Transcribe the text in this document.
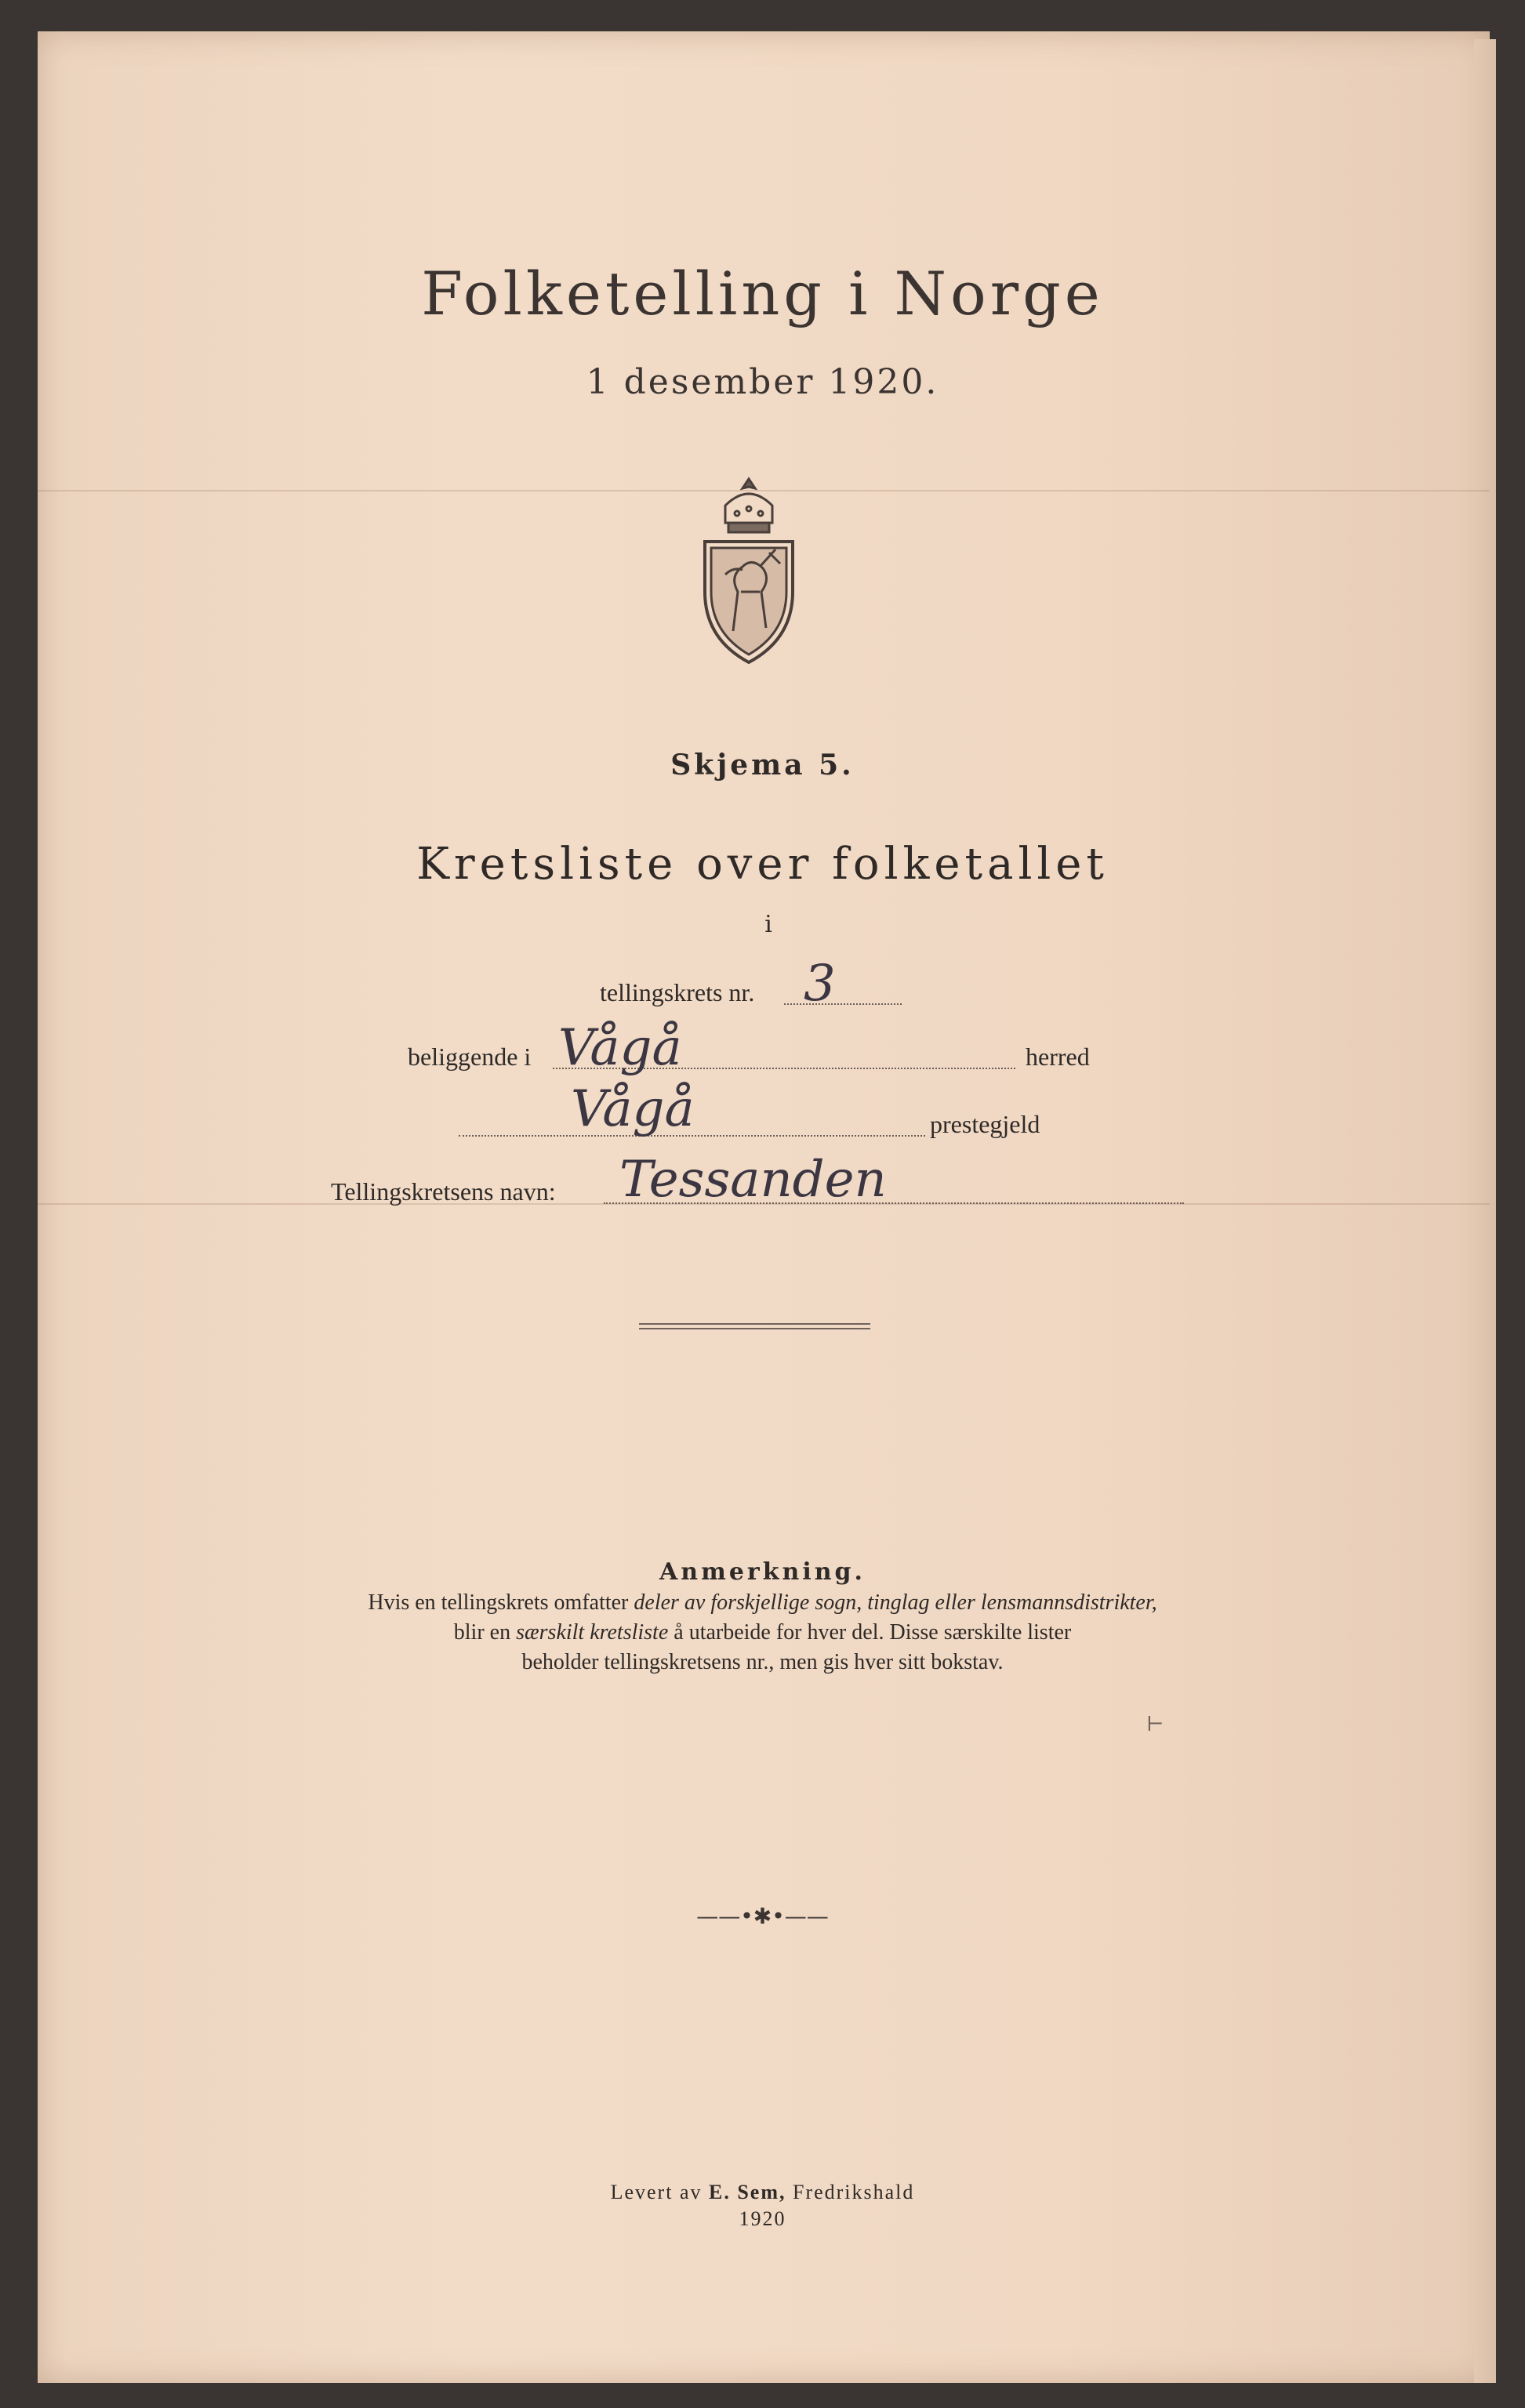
Folketelling i Norge
1 desember 1920.
Skjema 5.
Kretsliste over folketallet
i
tellingskrets nr. 3
beliggende i Vågå	herred
Vågå	prestegjeld
Tellingskretsens navn: Tessanden
Anmerkning.
Hvis en tellingskrets omfatter deler av forskjellige sogn, tinglag eller lensmannsdistrikter,
blir en særskilt kretsliste å utarbeide for hver del. Disse særskilte lister
beholder tellingskretsens nr., men gis hver sitt bokstav.
⊢
——•✱•——
Levert av E. Sem, Fredrikshald
1920
